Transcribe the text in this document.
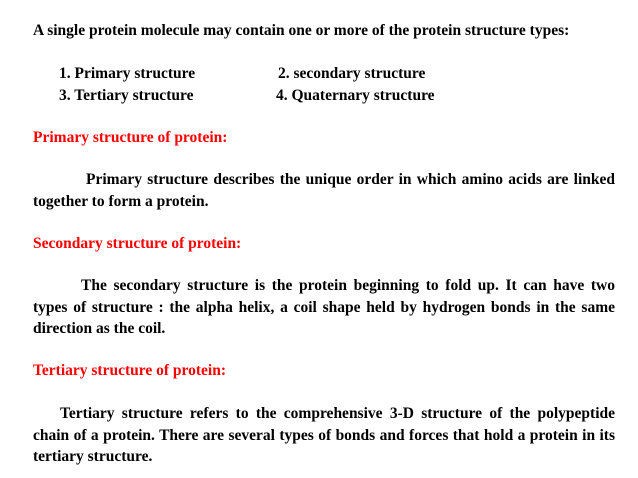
A single protein molecule may contain one or more of the protein structure types:

1. Primary structure	2. secondary structure

3. Tertiary structure	4. Quaternary structure

Primary structure of protein:

Primary structure describes the unique order in which amino acids are linked together to form a protein.

Secondary structure of protein:

The secondary structure is the protein beginning to fold up. It can have two types of structure : the alpha helix, a coil shape held by hydrogen bonds in the same direction as the coil.

Tertiary structure of protein:

Tertiary structure refers to the comprehensive 3-D structure of the polypeptide chain of a protein. There are several types of bonds and forces that hold a protein in its tertiary structure.
